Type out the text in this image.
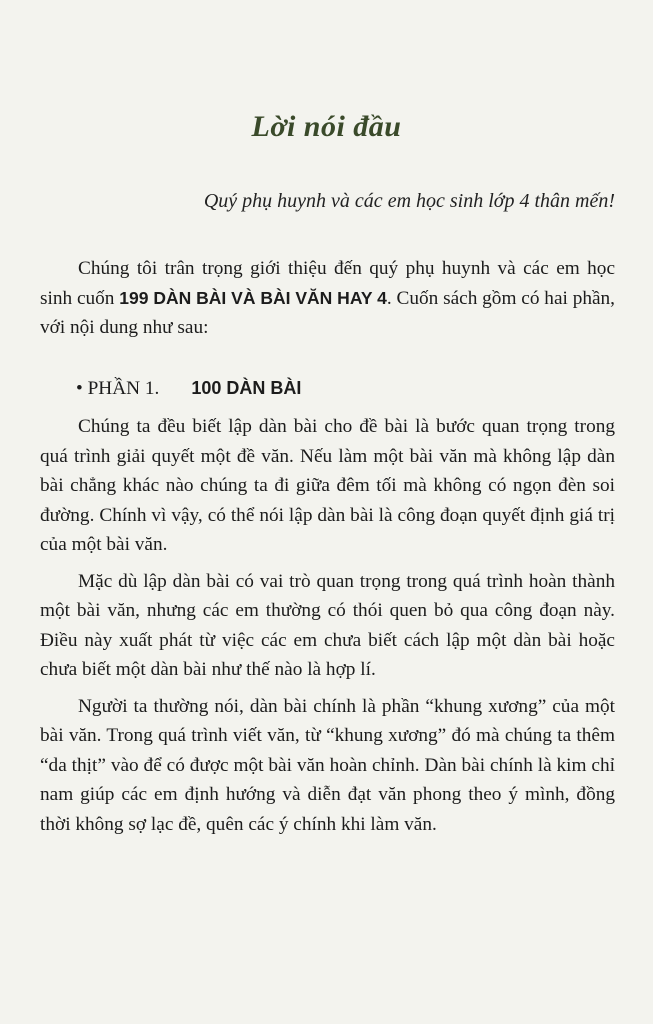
Lời nói đầu
Quý phụ huynh và các em học sinh lớp 4 thân mến!

Chúng tôi trân trọng giới thiệu đến quý phụ huynh và các em học sinh cuốn 199 DÀN BÀI VÀ BÀI VĂN HAY 4. Cuốn sách gồm có hai phần, với nội dung như sau:

• PHẦN 1. 100 DÀN BÀI

Chúng ta đều biết lập dàn bài cho đề bài là bước quan trọng trong quá trình giải quyết một đề văn. Nếu làm một bài văn mà không lập dàn bài chẳng khác nào chúng ta đi giữa đêm tối mà không có ngọn đèn soi đường. Chính vì vậy, có thể nói lập dàn bài là công đoạn quyết định giá trị của một bài văn.

Mặc dù lập dàn bài có vai trò quan trọng trong quá trình hoàn thành một bài văn, nhưng các em thường có thói quen bỏ qua công đoạn này. Điều này xuất phát từ việc các em chưa biết cách lập một dàn bài hoặc chưa biết một dàn bài như thế nào là hợp lí.

Người ta thường nói, dàn bài chính là phần “khung xương” của một bài văn. Trong quá trình viết văn, từ “khung xương” đó mà chúng ta thêm “da thịt” vào để có được một bài văn hoàn chỉnh. Dàn bài chính là kim chỉ nam giúp các em định hướng và diễn đạt văn phong theo ý mình, đồng thời không sợ lạc đề, quên các ý chính khi làm văn.
